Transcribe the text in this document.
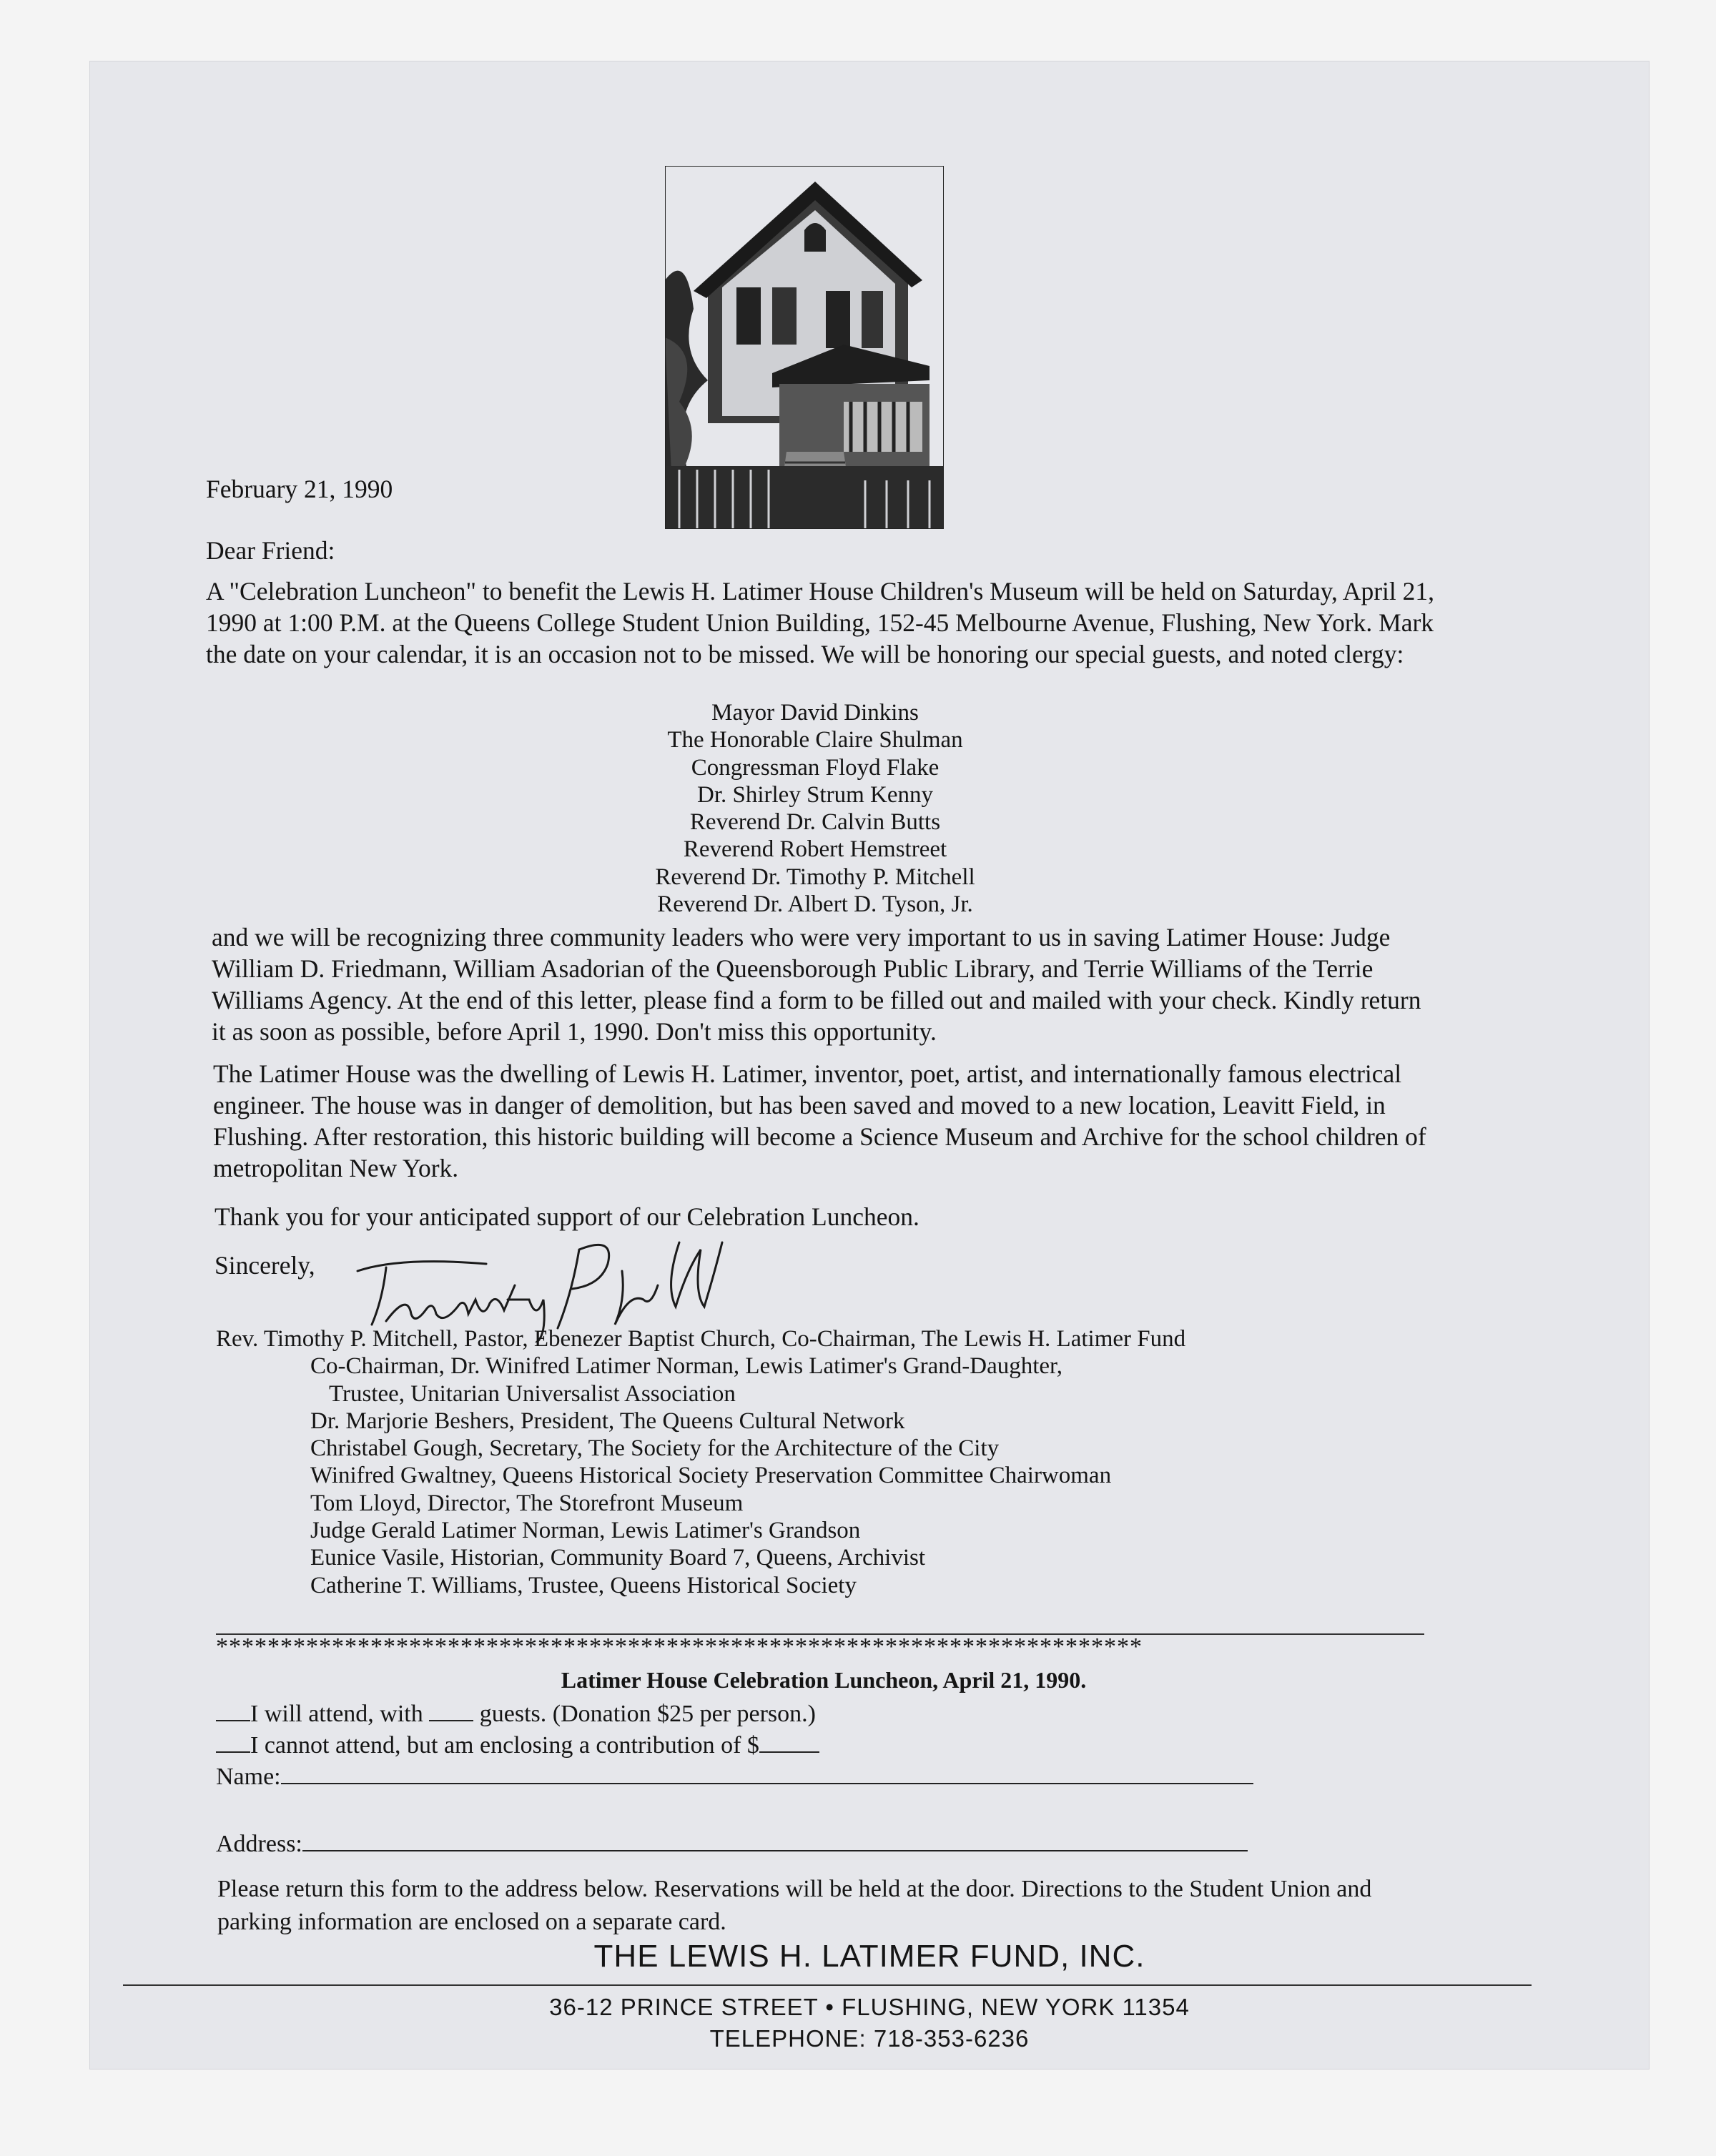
February 21, 1990
Dear Friend:
A "Celebration Luncheon" to benefit the Lewis H. Latimer House Children's Museum will be held on Saturday, April 21, 1990 at 1:00 P.M. at the Queens College Student Union Building, 152-45 Melbourne Avenue, Flushing, New York. Mark the date on your calendar, it is an occasion not to be missed. We will be honoring our special guests, and noted clergy:
Mayor David Dinkins
The Honorable Claire Shulman
Congressman Floyd Flake
Dr. Shirley Strum Kenny
Reverend Dr. Calvin Butts
Reverend Robert Hemstreet
Reverend Dr. Timothy P. Mitchell
Reverend Dr. Albert D. Tyson, Jr.
and we will be recognizing three community leaders who were very important to us in saving Latimer House: Judge William D. Friedmann, William Asadorian of the Queensborough Public Library, and Terrie Williams of the Terrie Williams Agency. At the end of this letter, please find a form to be filled out and mailed with your check. Kindly return it as soon as possible, before April 1, 1990. Don't miss this opportunity.
The Latimer House was the dwelling of Lewis H. Latimer, inventor, poet, artist, and internationally famous electrical engineer. The house was in danger of demolition, but has been saved and moved to a new location, Leavitt Field, in Flushing. After restoration, this historic building will become a Science Museum and Archive for the school children of metropolitan New York.
Thank you for your anticipated support of our Celebration Luncheon.
Sincerely,
Rev. Timothy P. Mitchell, Pastor, Ebenezer Baptist Church, Co-Chairman, The Lewis H. Latimer Fund
Co-Chairman, Dr. Winifred Latimer Norman, Lewis Latimer's Grand-Daughter,
Trustee, Unitarian Universalist Association
Dr. Marjorie Beshers, President, The Queens Cultural Network
Christabel Gough, Secretary, The Society for the Architecture of the City
Winifred Gwaltney, Queens Historical Society Preservation Committee Chairwoman
Tom Lloyd, Director, The Storefront Museum
Judge Gerald Latimer Norman, Lewis Latimer's Grandson
Eunice Vasile, Historian, Community Board 7, Queens, Archivist
Catherine T. Williams, Trustee, Queens Historical Society
************************************************************************
Latimer House Celebration Luncheon, April 21, 1990.
I will attend, with guests. (Donation $25 per person.)
I cannot attend, but am enclosing a contribution of $
Name:
Address:
Please return this form to the address below. Reservations will be held at the door. Directions to the Student Union and parking information are enclosed on a separate card.
THE LEWIS H. LATIMER FUND, INC.
36-12 PRINCE STREET • FLUSHING, NEW YORK 11354
TELEPHONE: 718-353-6236
